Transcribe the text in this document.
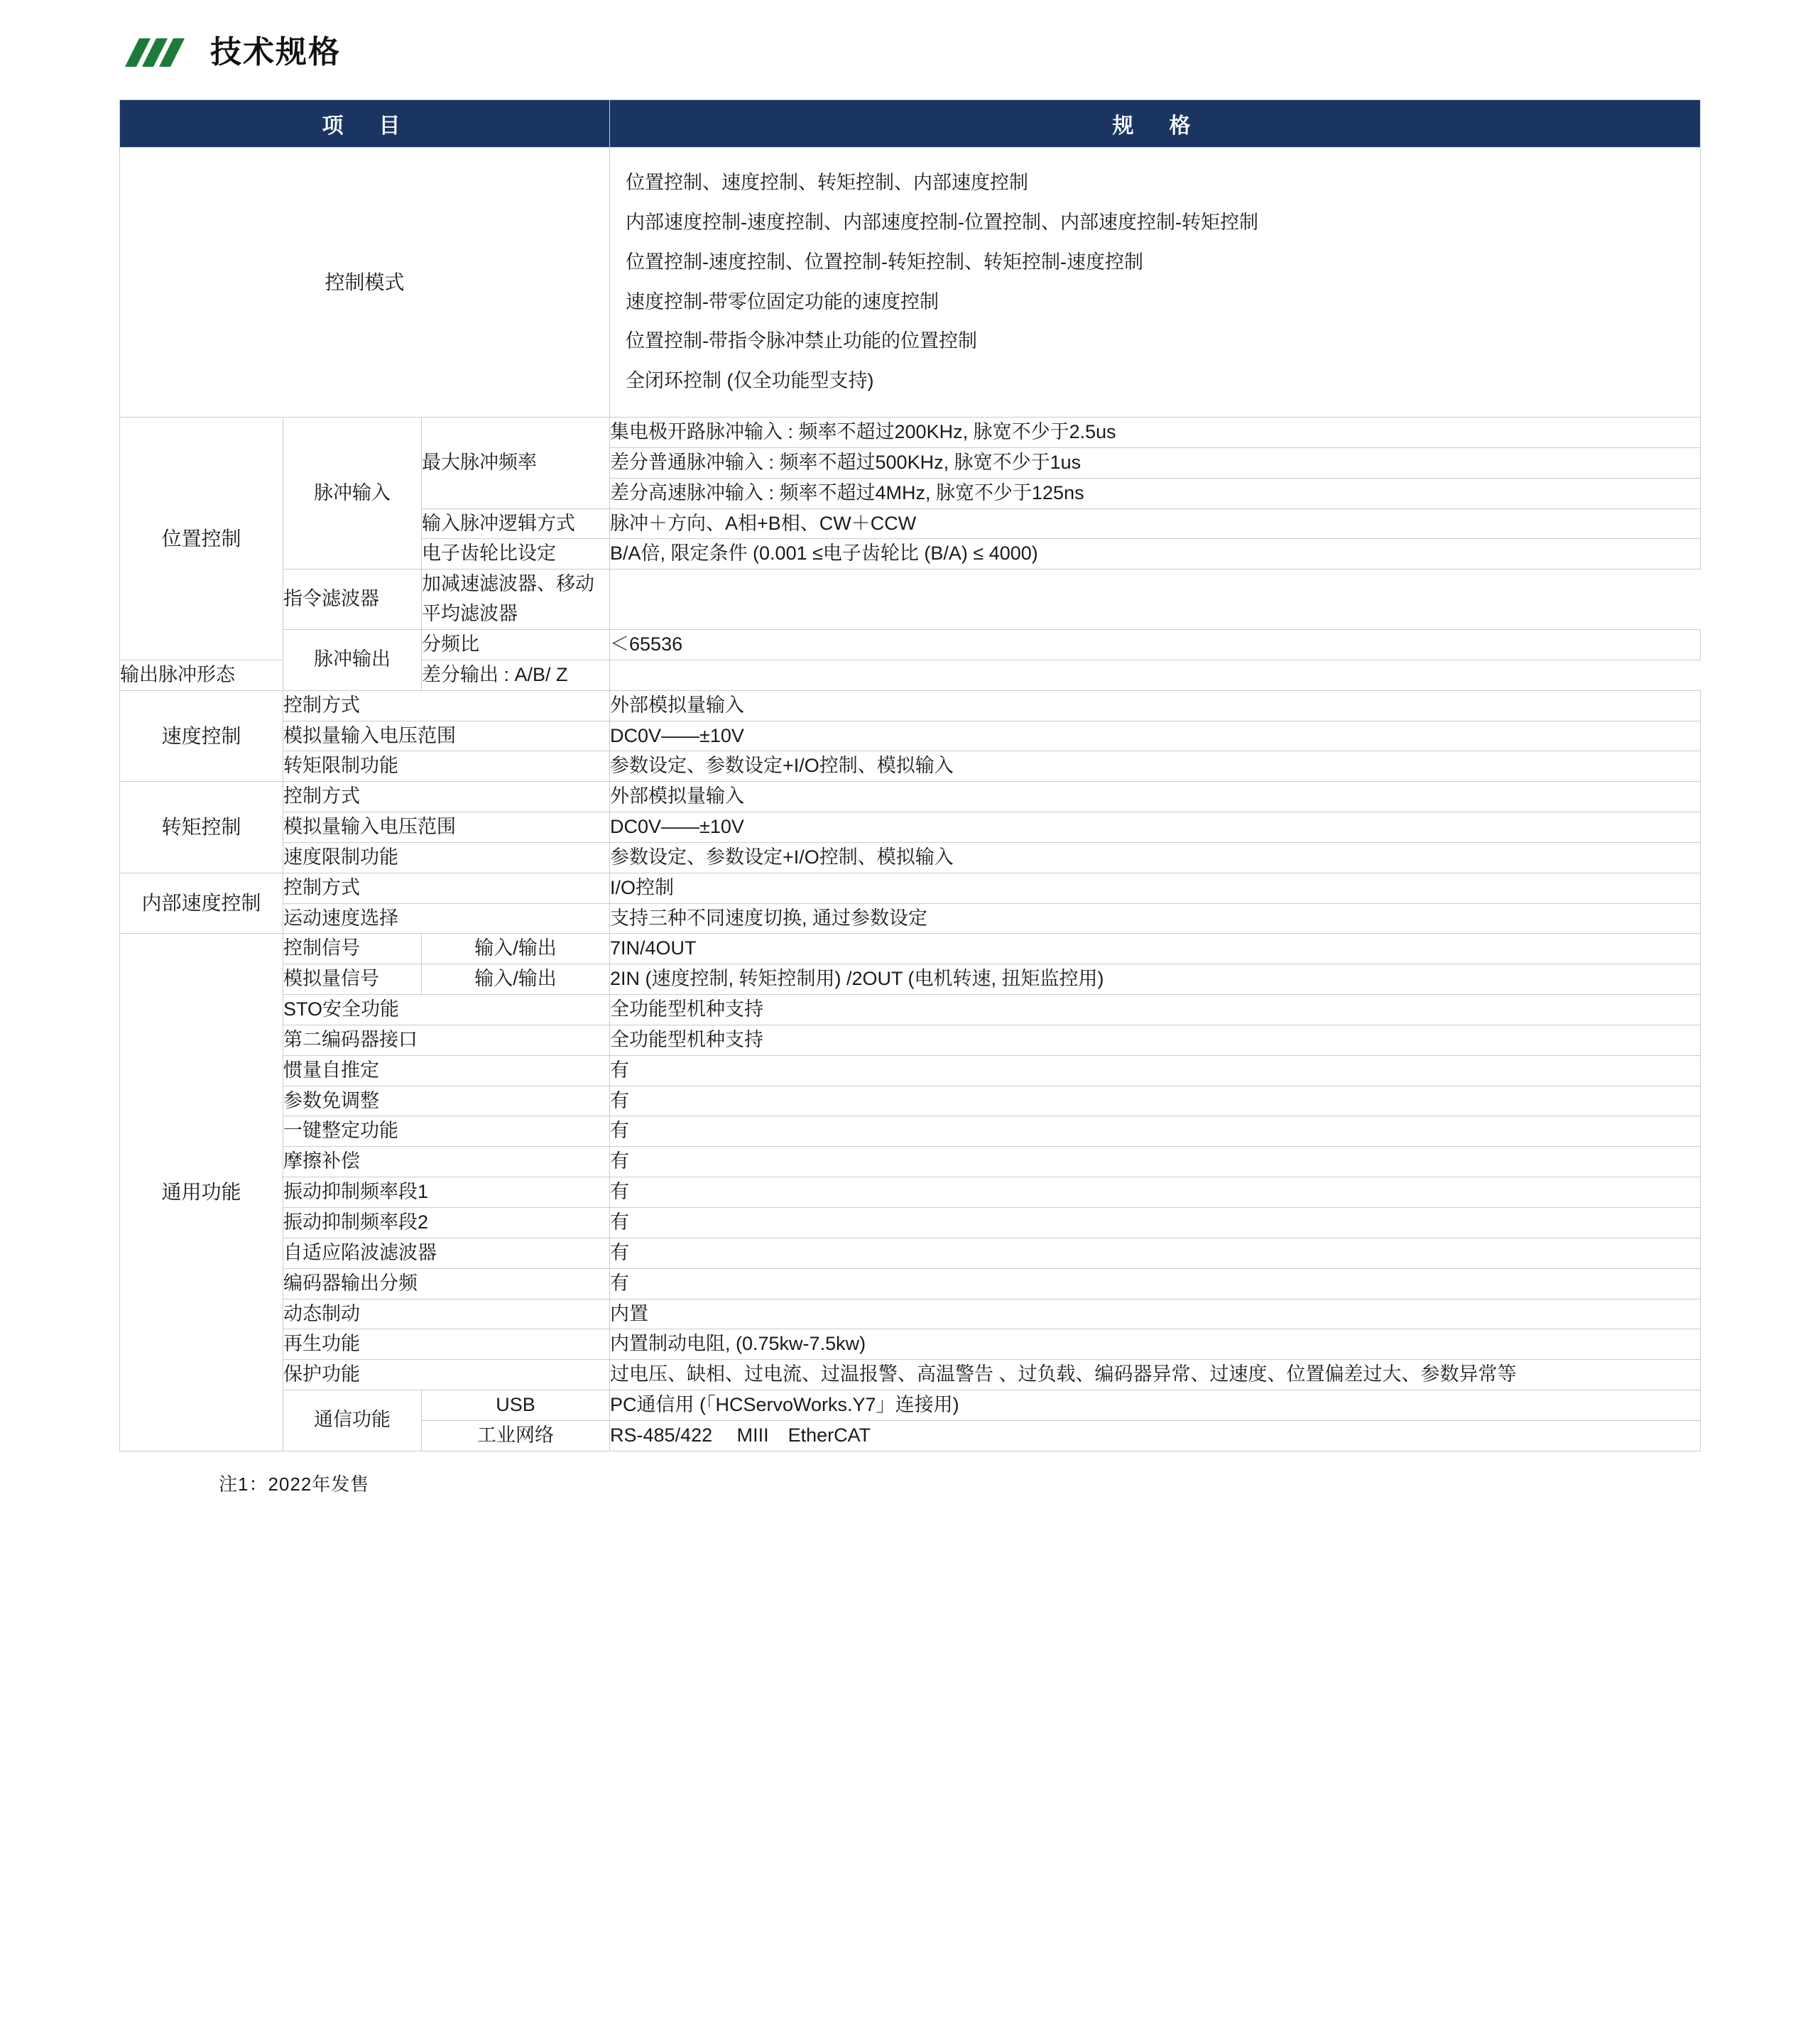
技术规格
项　目			规　格
控制模式	
位置控制、速度控制、转矩控制、内部速度控制
内部速度控制-速度控制、内部速度控制-位置控制、内部速度控制-转矩控制
位置控制-速度控制、位置控制-转矩控制、转矩控制-速度控制
速度控制-带零位固定功能的速度控制
位置控制-带指令脉冲禁止功能的位置控制
全闭环控制 (仅全功能型支持)

位置控制	脉冲输入	最大脉冲频率	集电极开路脉冲输入 : 频率不超过200KHz, 脉宽不少于2.5us
			差分普通脉冲输入 : 频率不超过500KHz, 脉宽不少于1us
			差分高速脉冲输入 : 频率不超过4MHz, 脉宽不少于125ns
		输入脉冲逻辑方式	脉冲＋方向、A相+B相、CW＋CCW
		电子齿轮比设定	B/A倍, 限定条件 (0.001 ≤电子齿轮比 (B/A) ≤ 4000)
	指令滤波器	加减速滤波器、移动平均滤波器	
	脉冲输出	分频比	＜65536
输出脉冲形态		差分输出 : A/B/ Z	
速度控制	控制方式		外部模拟量输入
	模拟量输入电压范围		DC0V——±10V
	转矩限制功能		参数设定、参数设定+I/O控制、模拟输入
转矩控制	控制方式		外部模拟量输入
	模拟量输入电压范围		DC0V——±10V
	速度限制功能		参数设定、参数设定+I/O控制、模拟输入
内部速度控制	控制方式		I/O控制
	运动速度选择		支持三种不同速度切换, 通过参数设定
通用功能	控制信号	输入/输出	7IN/4OUT
	模拟量信号	输入/输出	2IN (速度控制, 转矩控制用) /2OUT (电机转速, 扭矩监控用)
	STO安全功能		全功能型机种支持
	第二编码器接口		全功能型机种支持
	惯量自推定		有
	参数免调整		有
	一键整定功能		有
	摩擦补偿		有
	振动抑制频率段1		有
	振动抑制频率段2		有
	自适应陷波滤波器		有
	编码器输出分频		有
	动态制动		内置
	再生功能		内置制动电阻, (0.75kw-7.5kw)
	保护功能		过电压、缺相、过电流、过温报警、高温警告 、过负载、编码器异常、过速度、位置偏差过大、参数异常等
	通信功能	USB	PC通信用 (「HCServoWorks.Y7」连接用)
		工业网络	RS-485/422　 MIII　EtherCAT
注1：2022年发售
